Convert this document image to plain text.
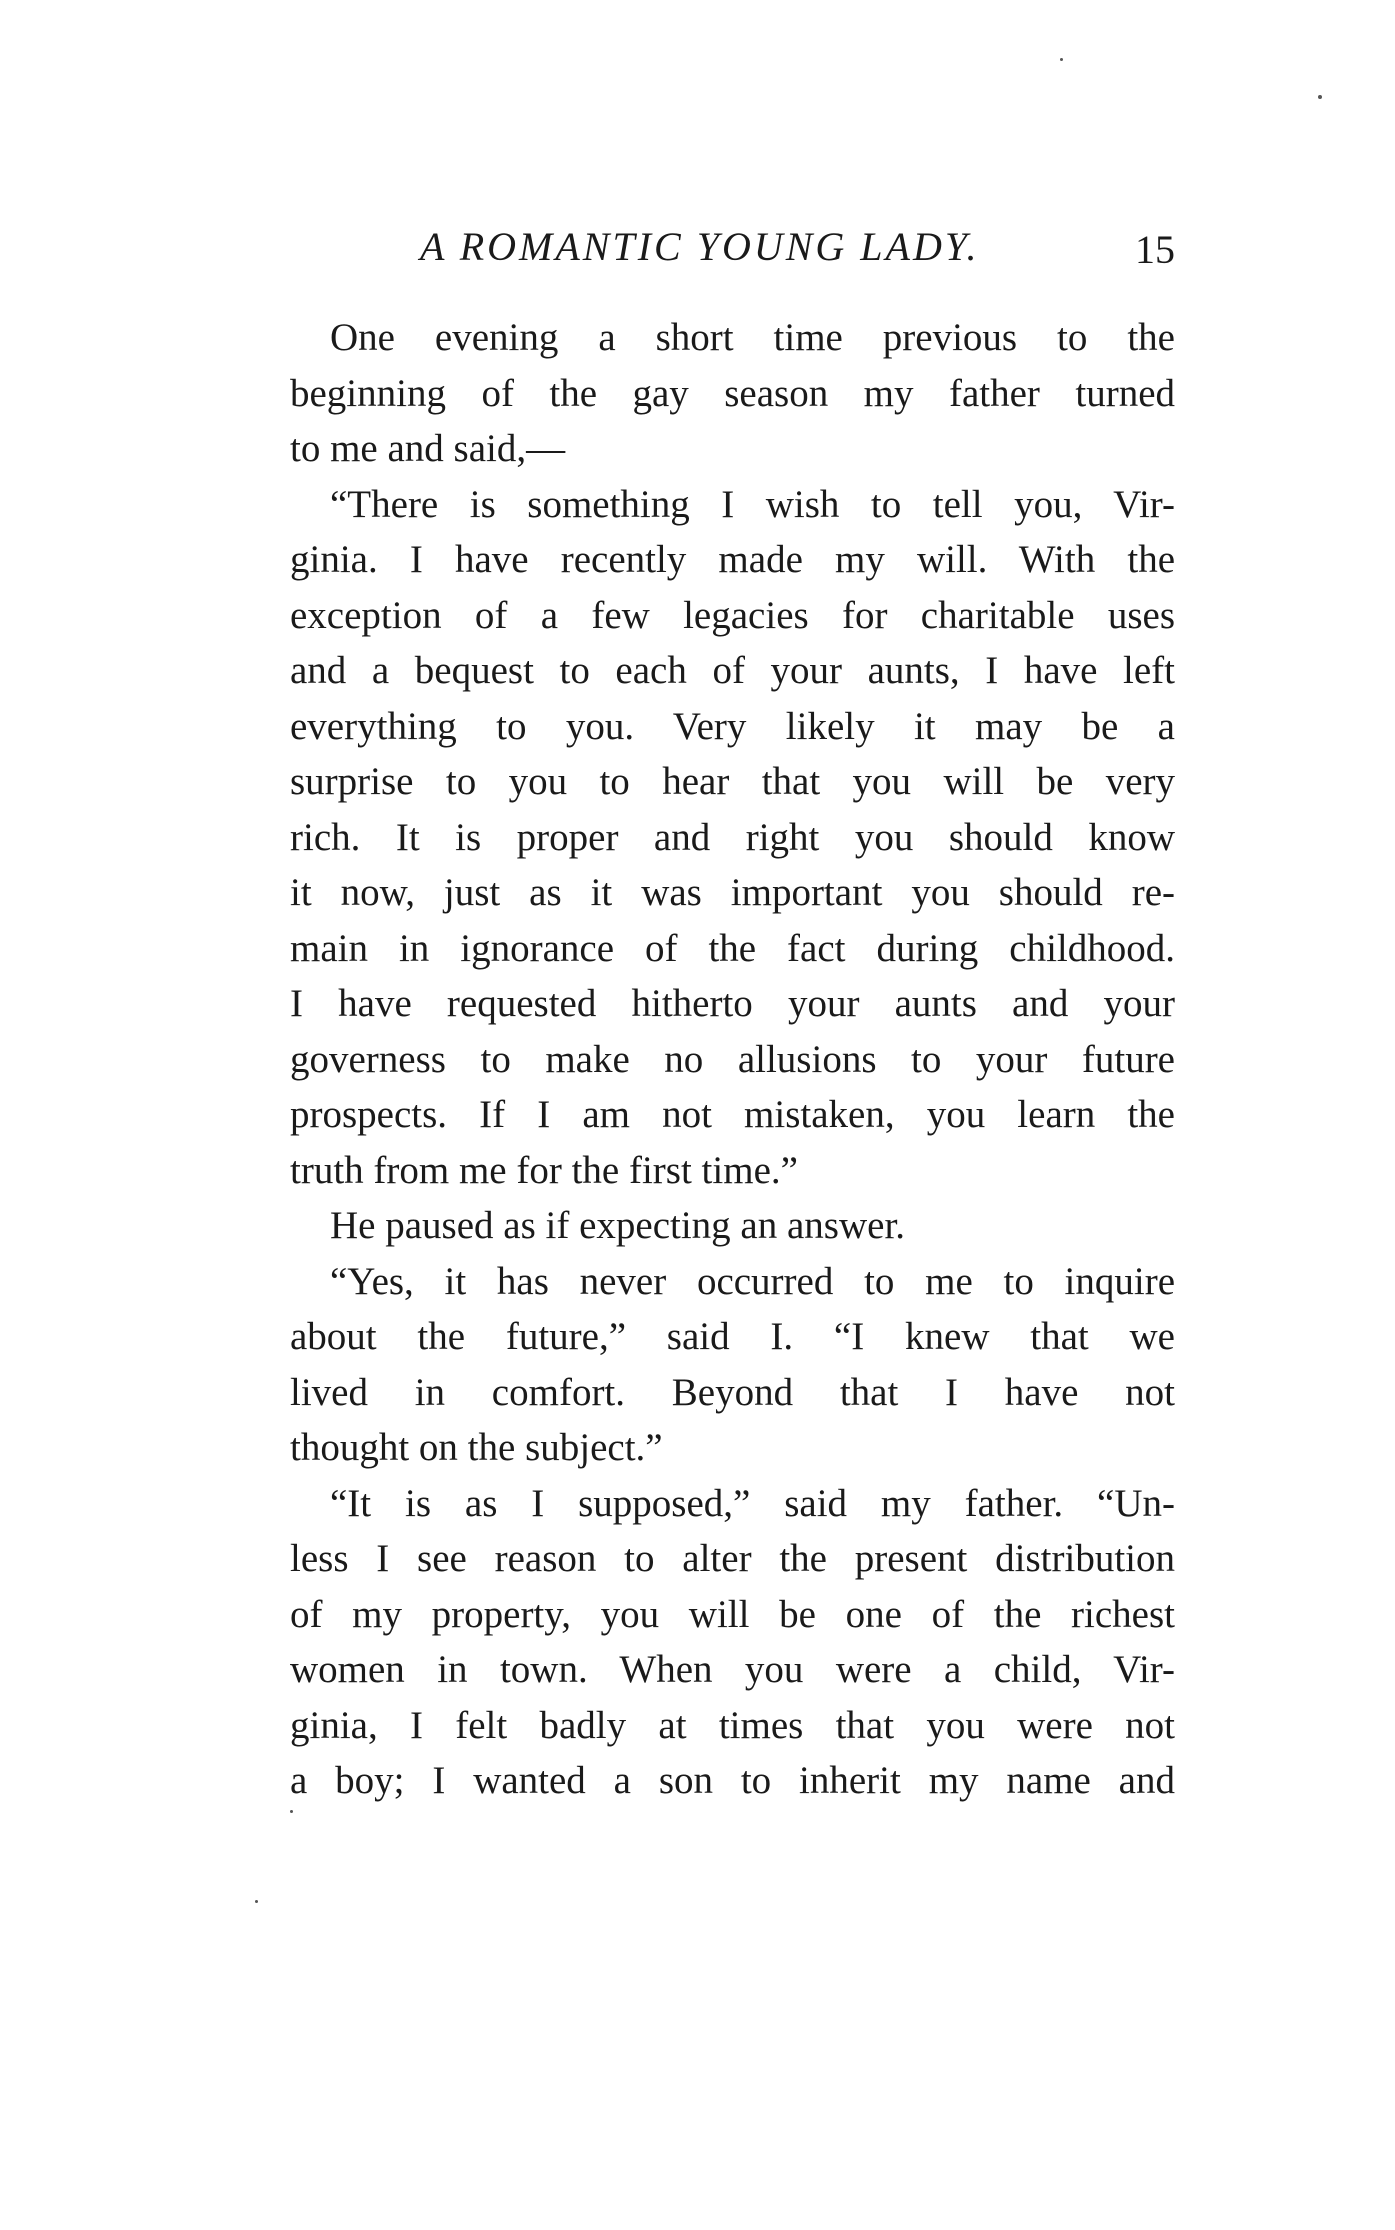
A ROMANTIC YOUNG LADY.	15
One evening a short time previous to the
beginning of the gay season my father turned
to me and said,—
“There is something I wish to tell you, Vir-
ginia. I have recently made my will. With the
exception of a few legacies for charitable uses
and a bequest to each of your aunts, I have left
everything to you. Very likely it may be a
surprise to you to hear that you will be very
rich. It is proper and right you should know
it now, just as it was important you should re-
main in ignorance of the fact during childhood.
I have requested hitherto your aunts and your
governess to make no allusions to your future
prospects. If I am not mistaken, you learn the
truth from me for the first time.”
He paused as if expecting an answer.
“Yes, it has never occurred to me to inquire
about the future,” said I. “I knew that we
lived in comfort. Beyond that I have not
thought on the subject.”
“It is as I supposed,” said my father. “Un-
less I see reason to alter the present distribution
of my property, you will be one of the richest
women in town. When you were a child, Vir-
ginia, I felt badly at times that you were not
a boy; I wanted a son to inherit my name and
